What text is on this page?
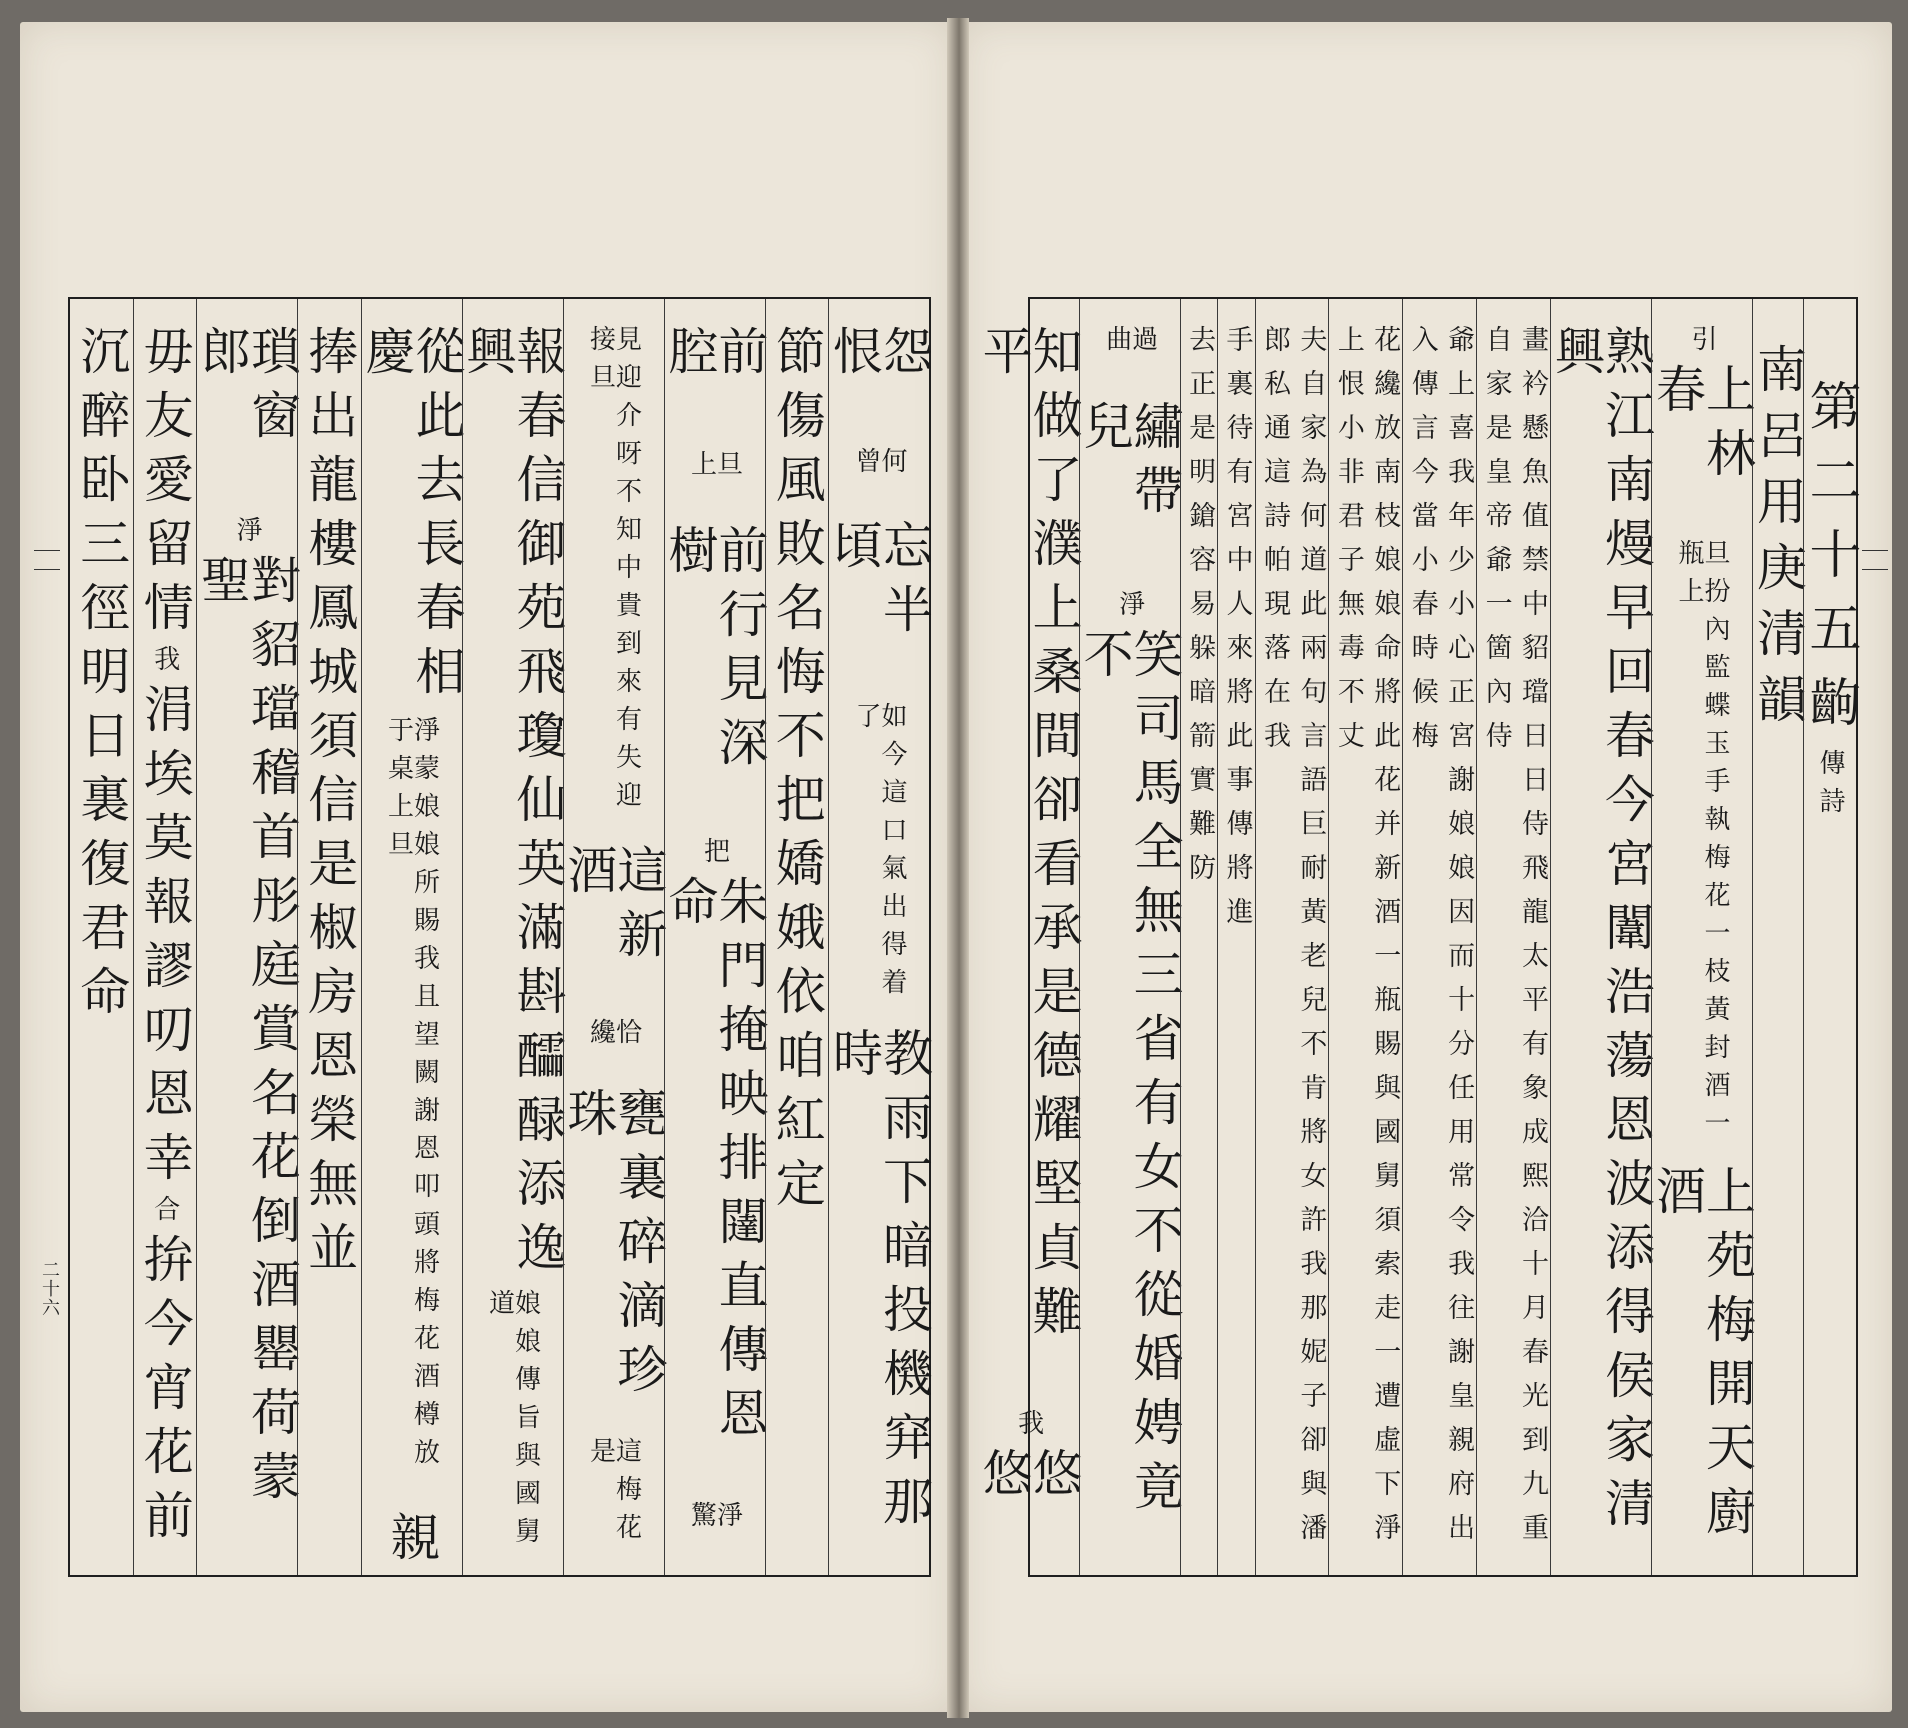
二十六
怨恨
何曾
忘半頃
如今這口氣出得着了
教雨下暗投機穽那時
節傷風敗名悔不把嬌娥依咱紅定
前腔
旦上
前行見深樹
把
朱門掩映排闥直傳恩命
淨驚
見迎介呀不知中貴到來有失迎接旦
這新酒
恰纔
甕裏碎滴珍珠
這梅花是
報春信御苑飛瓊仙英滿斟醽醁添逸興
娘娘傳旨與國舅道
從此去長春相慶
淨蒙娘娘所賜我且望闕謝恩叩頭將梅花酒樽放于桌上旦
親
捧出龍樓鳳城須信是椒房恩榮無並
瑣窗郎
淨
對貂璫稽首彤庭賞名花倒酒罌荷蒙聖
毋友愛留情
我
涓埃莫報謬叨恩幸
合
拚今宵花前
沉醉卧三徑明日裏復君命	第二十五齣
傳詩
南呂用庚清韻
引
上林春
旦扮內監蝶玉手執梅花一枝黃封酒一瓶上
上苑梅開天廚酒
熟江南熳早回春今宮闈浩蕩恩波添得侯家清興
畫衿懸魚值禁中貂璫日日侍飛龍太平有象成熙洽十月春光到九重自家是皇帝爺一箇內侍
爺上喜我年少小心正宮謝娘娘因而十分任用常令我往謝皇親府出入傳言今當小春時候梅
花纔放南枝娘娘命將此花并新酒一瓶賜與國舅須索走一遭虛下淨上恨小非君子無毒不丈
夫自家為何道此兩句言語巨耐黃老兒不肯將女許我那妮子卻與潘郎私通這詩帕現落在我
手裏待有宮中人來將此事傳將進
去正是明鎗容易躲暗箭實難防
過曲
繡帶兒
淨
笑司馬全無三省有女不從婚娉竟不
知做了濮上桑間卻看承是德耀堅貞難平
我
悠悠
